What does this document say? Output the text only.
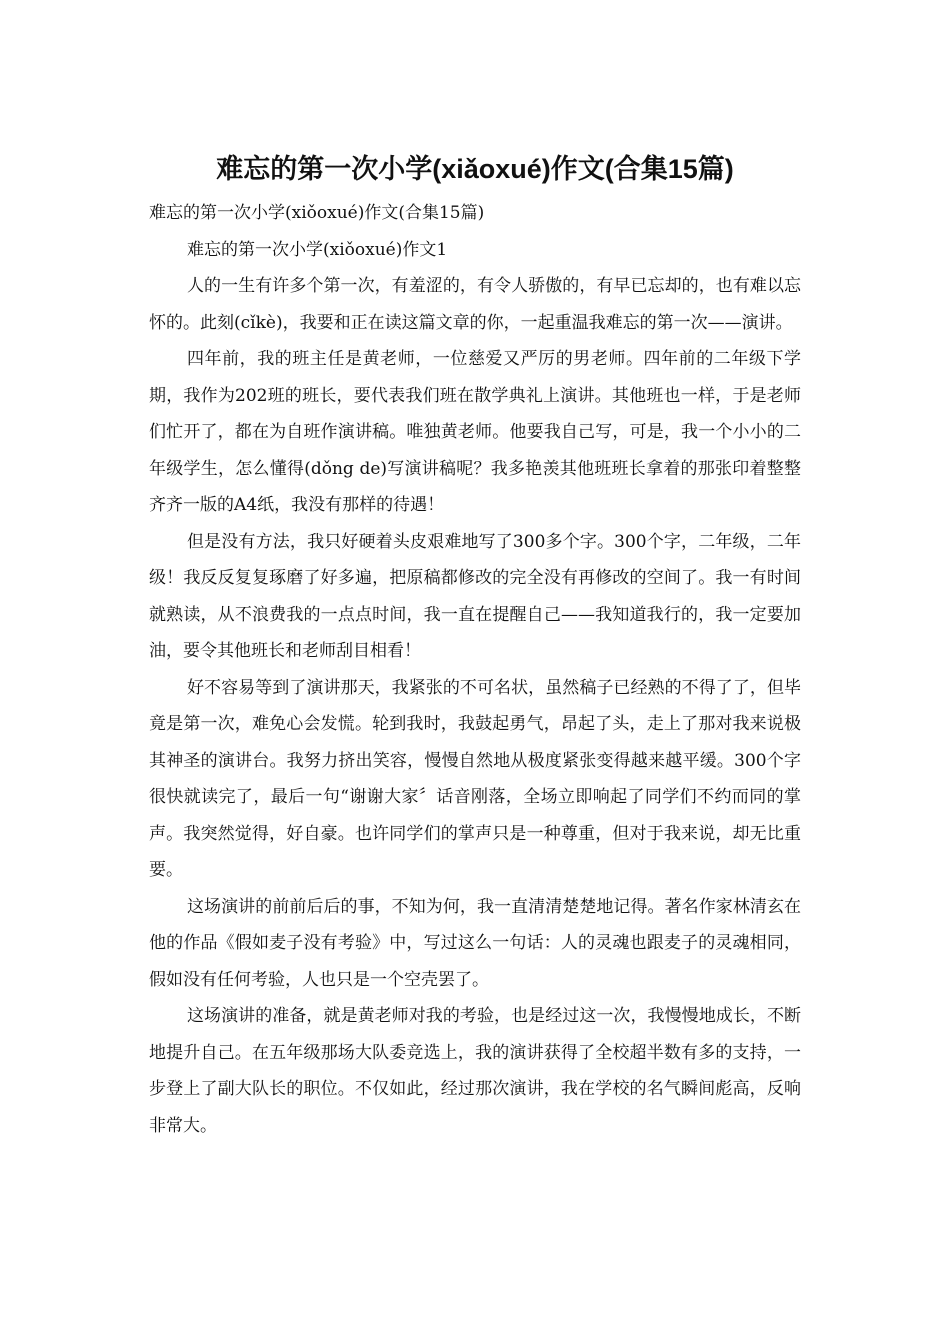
难忘的第一次小学(xiǎoxué)作文(合集15篇)

难忘的第一次小学(xiǒoxué)作文(合集15篇)

难忘的第一次小学(xiǒoxué)作文1

人的一生有许多个第一次，有羞涩的，有令人骄傲的，有早已忘却的，也有难以忘怀的。此刻(cǐkè)，我要和正在读这篇文章的你，一起重温我难忘的第一次——演讲。

四年前，我的班主任是黄老师，一位慈爱又严厉的男老师。四年前的二年级下学期，我作为202班的班长，要代表我们班在散学典礼上演讲。其他班也一样，于是老师们忙开了，都在为自班作演讲稿。唯独黄老师。他要我自己写，可是，我一个小小的二年级学生，怎么懂得(dǒng de)写演讲稿呢？我多艳羡其他班班长拿着的那张印着整整齐齐一版的A4纸，我没有那样的待遇！

但是没有方法，我只好硬着头皮艰难地写了300多个字。300个字，二年级，二年级！我反反复复琢磨了好多遍，把原稿都修改的完全没有再修改的空间了。我一有时间就熟读，从不浪费我的一点点时间，我一直在提醒自己——我知道我行的，我一定要加油，要令其他班长和老师刮目相看！

好不容易等到了演讲那天，我紧张的不可名状，虽然稿子已经熟的不得了了，但毕竟是第一次，难免心会发慌。轮到我时，我鼓起勇气，昂起了头，走上了那对我来说极其神圣的演讲台。我努力挤出笑容，慢慢自然地从极度紧张变得越来越平缓。300个字很快就读完了，最后一句“谢谢大家〞话音刚落，全场立即响起了同学们不约而同的掌声。我突然觉得，好自豪。也许同学们的掌声只是一种尊重，但对于我来说，却无比重要。

这场演讲的前前后后的事，不知为何，我一直清清楚楚地记得。著名作家林清玄在他的作品《假如麦子没有考验》中，写过这么一句话：人的灵魂也跟麦子的灵魂相同，假如没有任何考验，人也只是一个空壳罢了。

这场演讲的准备，就是黄老师对我的考验，也是经过这一次，我慢慢地成长，不断地提升自己。在五年级那场大队委竞选上，我的演讲获得了全校超半数有多的支持，一步登上了副大队长的职位。不仅如此，经过那次演讲，我在学校的名气瞬间彪高，反响非常大。
